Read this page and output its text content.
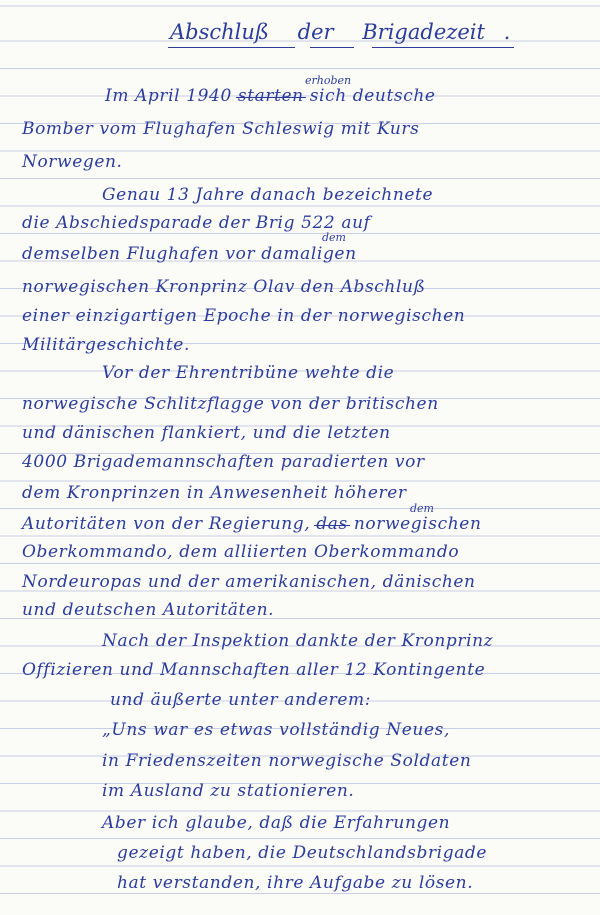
Abschluß der Brigadezeit .
Im April 1940 starten sich deutsche
erhoben
Bomber vom Flughafen Schleswig mit Kurs
Norwegen.
Genau 13 Jahre danach bezeichnete
die Abschiedsparade der Brig 522 auf
demselben Flughafen vor damaligen
dem
norwegischen Kronprinz Olav den Abschluß
einer einzigartigen Epoche in der norwegischen
Militärgeschichte.
Vor der Ehrentribüne wehte die
norwegische Schlitzflagge von der britischen
und dänischen flankiert, und die letzten
4000 Brigademannschaften paradierten vor
dem Kronprinzen in Anwesenheit höherer
Autoritäten von der Regierung, das norwegischen
dem
Oberkommando, dem alliierten Oberkommando
Nordeuropas und der amerikanischen, dänischen
und deutschen Autoritäten.
Nach der Inspektion dankte der Kronprinz
Offizieren und Mannschaften aller 12 Kontingente
und äußerte unter anderem:
„Uns war es etwas vollständig Neues,
in Friedenszeiten norwegische Soldaten
im Ausland zu stationieren.
Aber ich glaube, daß die Erfahrungen
gezeigt haben, die Deutschlandsbrigade
hat verstanden, ihre Aufgabe zu lösen.
